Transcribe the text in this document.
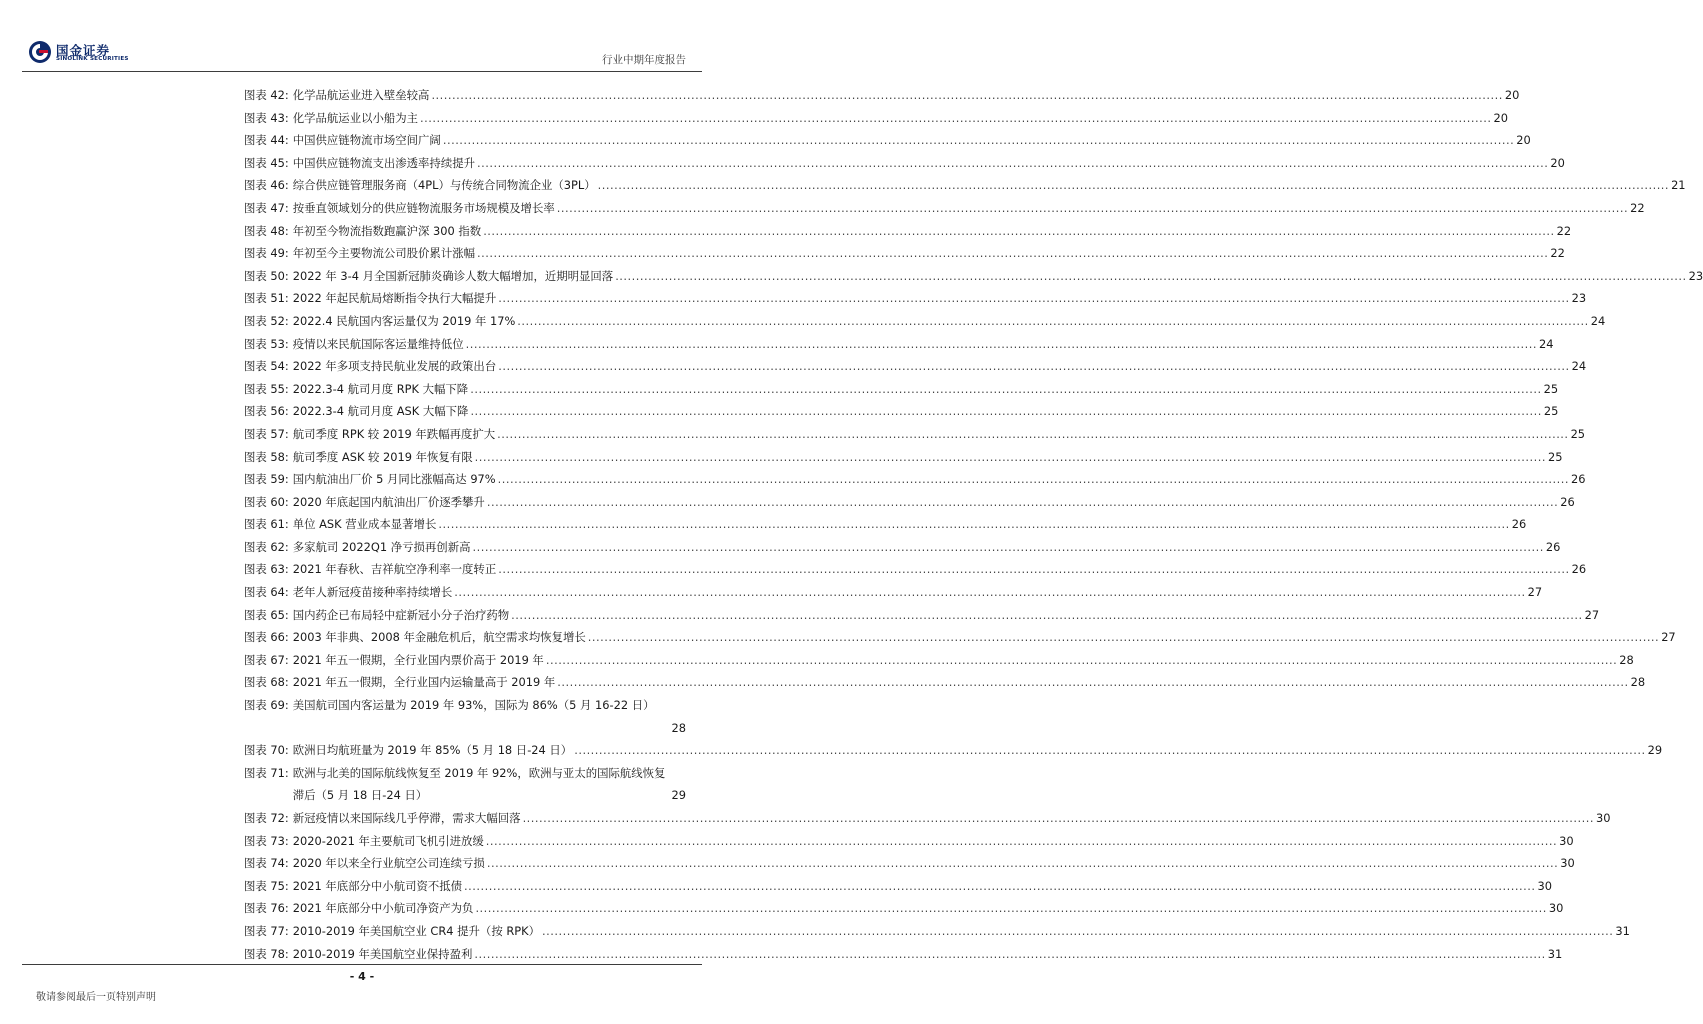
国金证券
SINOLINK SECURITIES	行业中期年度报告
图表 42: 化学品航运业进入壁垒较高 .................................................................................................................................................................................................................................................................... 20
图表 43: 化学品航运业以小船为主 .................................................................................................................................................................................................................................................................... 20
图表 44: 中国供应链物流市场空间广阔 .................................................................................................................................................................................................................................................................... 20
图表 45: 中国供应链物流支出渗透率持续提升 .................................................................................................................................................................................................................................................................... 20
图表 46: 综合供应链管理服务商（4PL）与传统合同物流企业（3PL） .................................................................................................................................................................................................................................................................... 21
图表 47: 按垂直领域划分的供应链物流服务市场规模及增长率 .................................................................................................................................................................................................................................................................... 22
图表 48: 年初至今物流指数跑赢沪深 300 指数 .................................................................................................................................................................................................................................................................... 22
图表 49: 年初至今主要物流公司股价累计涨幅 .................................................................................................................................................................................................................................................................... 22
图表 50: 2022 年 3-4 月全国新冠肺炎确诊人数大幅增加，近期明显回落 .................................................................................................................................................................................................................................................................... 23
图表 51: 2022 年起民航局熔断指令执行大幅提升 .................................................................................................................................................................................................................................................................... 23
图表 52: 2022.4 民航国内客运量仅为 2019 年 17% .................................................................................................................................................................................................................................................................... 24
图表 53: 疫情以来民航国际客运量维持低位 .................................................................................................................................................................................................................................................................... 24
图表 54: 2022 年多项支持民航业发展的政策出台 .................................................................................................................................................................................................................................................................... 24
图表 55: 2022.3-4 航司月度 RPK 大幅下降 .................................................................................................................................................................................................................................................................... 25
图表 56: 2022.3-4 航司月度 ASK 大幅下降 .................................................................................................................................................................................................................................................................... 25
图表 57: 航司季度 RPK 较 2019 年跌幅再度扩大 .................................................................................................................................................................................................................................................................... 25
图表 58: 航司季度 ASK 较 2019 年恢复有限 .................................................................................................................................................................................................................................................................... 25
图表 59: 国内航油出厂价 5 月同比涨幅高达 97% .................................................................................................................................................................................................................................................................... 26
图表 60: 2020 年底起国内航油出厂价逐季攀升 .................................................................................................................................................................................................................................................................... 26
图表 61: 单位 ASK 营业成本显著增长 .................................................................................................................................................................................................................................................................... 26
图表 62: 多家航司 2022Q1 净亏损再创新高 .................................................................................................................................................................................................................................................................... 26
图表 63: 2021 年春秋、吉祥航空净利率一度转正 .................................................................................................................................................................................................................................................................... 26
图表 64: 老年人新冠疫苗接种率持续增长 .................................................................................................................................................................................................................................................................... 27
图表 65: 国内药企已布局轻中症新冠小分子治疗药物 .................................................................................................................................................................................................................................................................... 27
图表 66: 2003 年非典、2008 年金融危机后，航空需求均恢复增长 .................................................................................................................................................................................................................................................................... 27
图表 67: 2021 年五一假期，全行业国内票价高于 2019 年 .................................................................................................................................................................................................................................................................... 28
图表 68: 2021 年五一假期，全行业国内运输量高于 2019 年 .................................................................................................................................................................................................................................................................... 28
图表 69: 美国航司国内客运量为 2019 年 93%，国际为 86%（5 月 16-22 日）
28
图表 70: 欧洲日均航班量为 2019 年 85%（5 月 18 日-24 日） .................................................................................................................................................................................................................................................................... 29
图表 71: 欧洲与北美的国际航线恢复至 2019 年 92%，欧洲与亚太的国际航线恢复滞后（5 月 18 日-24 日）	29
图表 72: 新冠疫情以来国际线几乎停滞，需求大幅回落 .................................................................................................................................................................................................................................................................... 30
图表 73: 2020-2021 年主要航司飞机引进放缓 .................................................................................................................................................................................................................................................................... 30
图表 74: 2020 年以来全行业航空公司连续亏损 .................................................................................................................................................................................................................................................................... 30
图表 75: 2021 年底部分中小航司资不抵债 .................................................................................................................................................................................................................................................................... 30
图表 76: 2021 年底部分中小航司净资产为负 .................................................................................................................................................................................................................................................................... 30
图表 77: 2010-2019 年美国航空业 CR4 提升（按 RPK） .................................................................................................................................................................................................................................................................... 31
图表 78: 2010-2019 年美国航空业保持盈利 .................................................................................................................................................................................................................................................................... 31
- 4 -
敬请参阅最后一页特别声明
